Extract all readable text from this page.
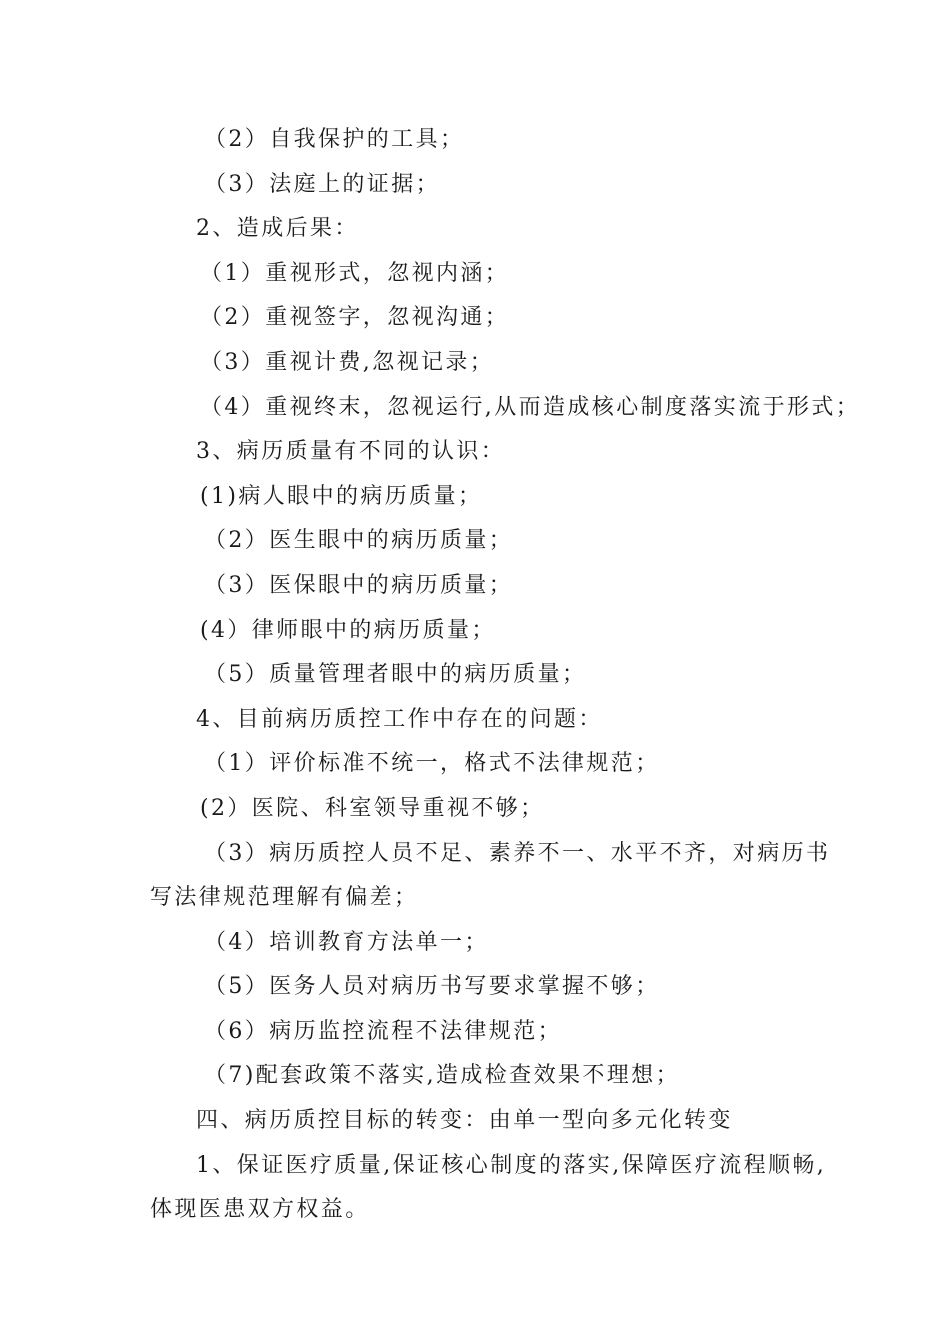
（2）自我保护的工具；
（3）法庭上的证据；
2、造成后果：
（1）重视形式，忽视内涵；
（2）重视签字，忽视沟通；
（3）重视计费,忽视记录；
（4）重视终末，忽视运行,从而造成核心制度落实流于形式；
3、病历质量有不同的认识：
(1)病人眼中的病历质量；
（2）医生眼中的病历质量；
（3）医保眼中的病历质量；
(4）律师眼中的病历质量；
（5）质量管理者眼中的病历质量；
4、目前病历质控工作中存在的问题：
（1）评价标准不统一，格式不法律规范；
(2）医院、科室领导重视不够；
（3）病历质控人员不足、素养不一、水平不齐，对病历书
写法律规范理解有偏差；
（4）培训教育方法单一；
（5）医务人员对病历书写要求掌握不够；
（6）病历监控流程不法律规范；
（7)配套政策不落实,造成检查效果不理想；
四、病历质控目标的转变：由单一型向多元化转变
1、保证医疗质量,保证核心制度的落实,保障医疗流程顺畅,
体现医患双方权益。
